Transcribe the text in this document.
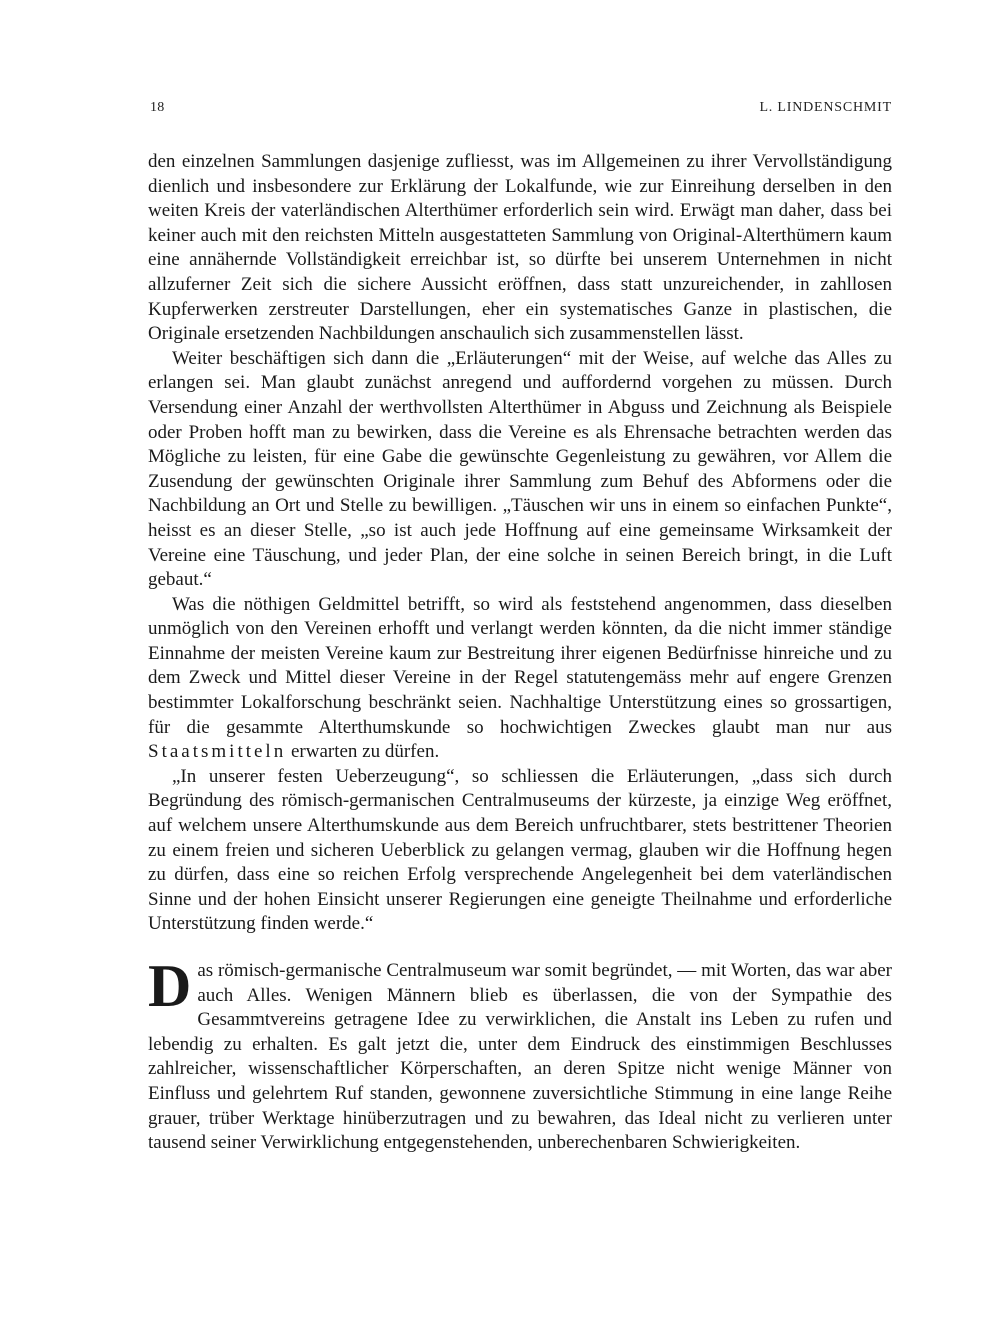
18	L. LINDENSCHMIT

den einzelnen Sammlungen dasjenige zufliesst, was im Allgemeinen zu ihrer Vervollständigung dienlich und insbesondere zur Erklärung der Lokalfunde, wie zur Einreihung derselben in den weiten Kreis der vaterländischen Alterthümer erforderlich sein wird. Erwägt man daher, dass bei keiner auch mit den reichsten Mitteln ausgestatteten Sammlung von Original-Alterthümern kaum eine annähernde Vollständigkeit erreichbar ist, so dürfte bei unserem Unternehmen in nicht allzuferner Zeit sich die sichere Aussicht eröffnen, dass statt unzureichender, in zahllosen Kupferwerken zerstreuter Darstellungen, eher ein systematisches Ganze in plastischen, die Originale ersetzenden Nachbildungen anschaulich sich zusammenstellen lässt.

Weiter beschäftigen sich dann die „Erläuterungen“ mit der Weise, auf welche das Alles zu erlangen sei. Man glaubt zunächst anregend und auffordernd vorgehen zu müssen. Durch Versendung einer Anzahl der werthvollsten Alterthümer in Abguss und Zeichnung als Beispiele oder Proben hofft man zu bewirken, dass die Vereine es als Ehrensache betrachten werden das Mögliche zu leisten, für eine Gabe die gewünschte Gegenleistung zu gewähren, vor Allem die Zusendung der gewünschten Originale ihrer Sammlung zum Behuf des Abformens oder die Nachbildung an Ort und Stelle zu bewilligen. „Täuschen wir uns in einem so einfachen Punkte“, heisst es an dieser Stelle, „so ist auch jede Hoffnung auf eine gemeinsame Wirksamkeit der Vereine eine Täuschung, und jeder Plan, der eine solche in seinen Bereich bringt, in die Luft gebaut.“

Was die nöthigen Geldmittel betrifft, so wird als feststehend angenommen, dass dieselben unmöglich von den Vereinen erhofft und verlangt werden könnten, da die nicht immer ständige Einnahme der meisten Vereine kaum zur Bestreitung ihrer eigenen Bedürfnisse hinreiche und zu dem Zweck und Mittel dieser Vereine in der Regel statutengemäss mehr auf engere Grenzen bestimmter Lokalforschung beschränkt seien. Nachhaltige Unterstützung eines so grossartigen, für die gesammte Alterthumskunde so hochwichtigen Zweckes glaubt man nur aus Staatsmitteln erwarten zu dürfen.

„In unserer festen Ueberzeugung“, so schliessen die Erläuterungen, „dass sich durch Begründung des römisch-germanischen Centralmuseums der kürzeste, ja einzige Weg eröffnet, auf welchem unsere Alterthumskunde aus dem Bereich unfruchtbarer, stets bestrittener Theorien zu einem freien und sicheren Ueberblick zu gelangen vermag, glauben wir die Hoffnung hegen zu dürfen, dass eine so reichen Erfolg versprechende Angelegenheit bei dem vaterländischen Sinne und der hohen Einsicht unserer Regierungen eine geneigte Theilnahme und erforderliche Unterstützung finden werde.“

D as römisch-germanische Centralmuseum war somit begründet, — mit Worten, das war aber auch Alles. Wenigen Männern blieb es überlassen, die von der Sympathie des Gesammtvereins getragene Idee zu verwirklichen, die Anstalt ins Leben zu rufen und lebendig zu erhalten. Es galt jetzt die, unter dem Eindruck des einstimmigen Beschlusses zahlreicher, wissenschaftlicher Körperschaften, an deren Spitze nicht wenige Männer von Einfluss und gelehrtem Ruf standen, gewonnene zuversichtliche Stimmung in eine lange Reihe grauer, trüber Werktage hinüberzutragen und zu bewahren, das Ideal nicht zu verlieren unter tausend seiner Verwirklichung entgegenstehenden, unberechenbaren Schwierigkeiten.
